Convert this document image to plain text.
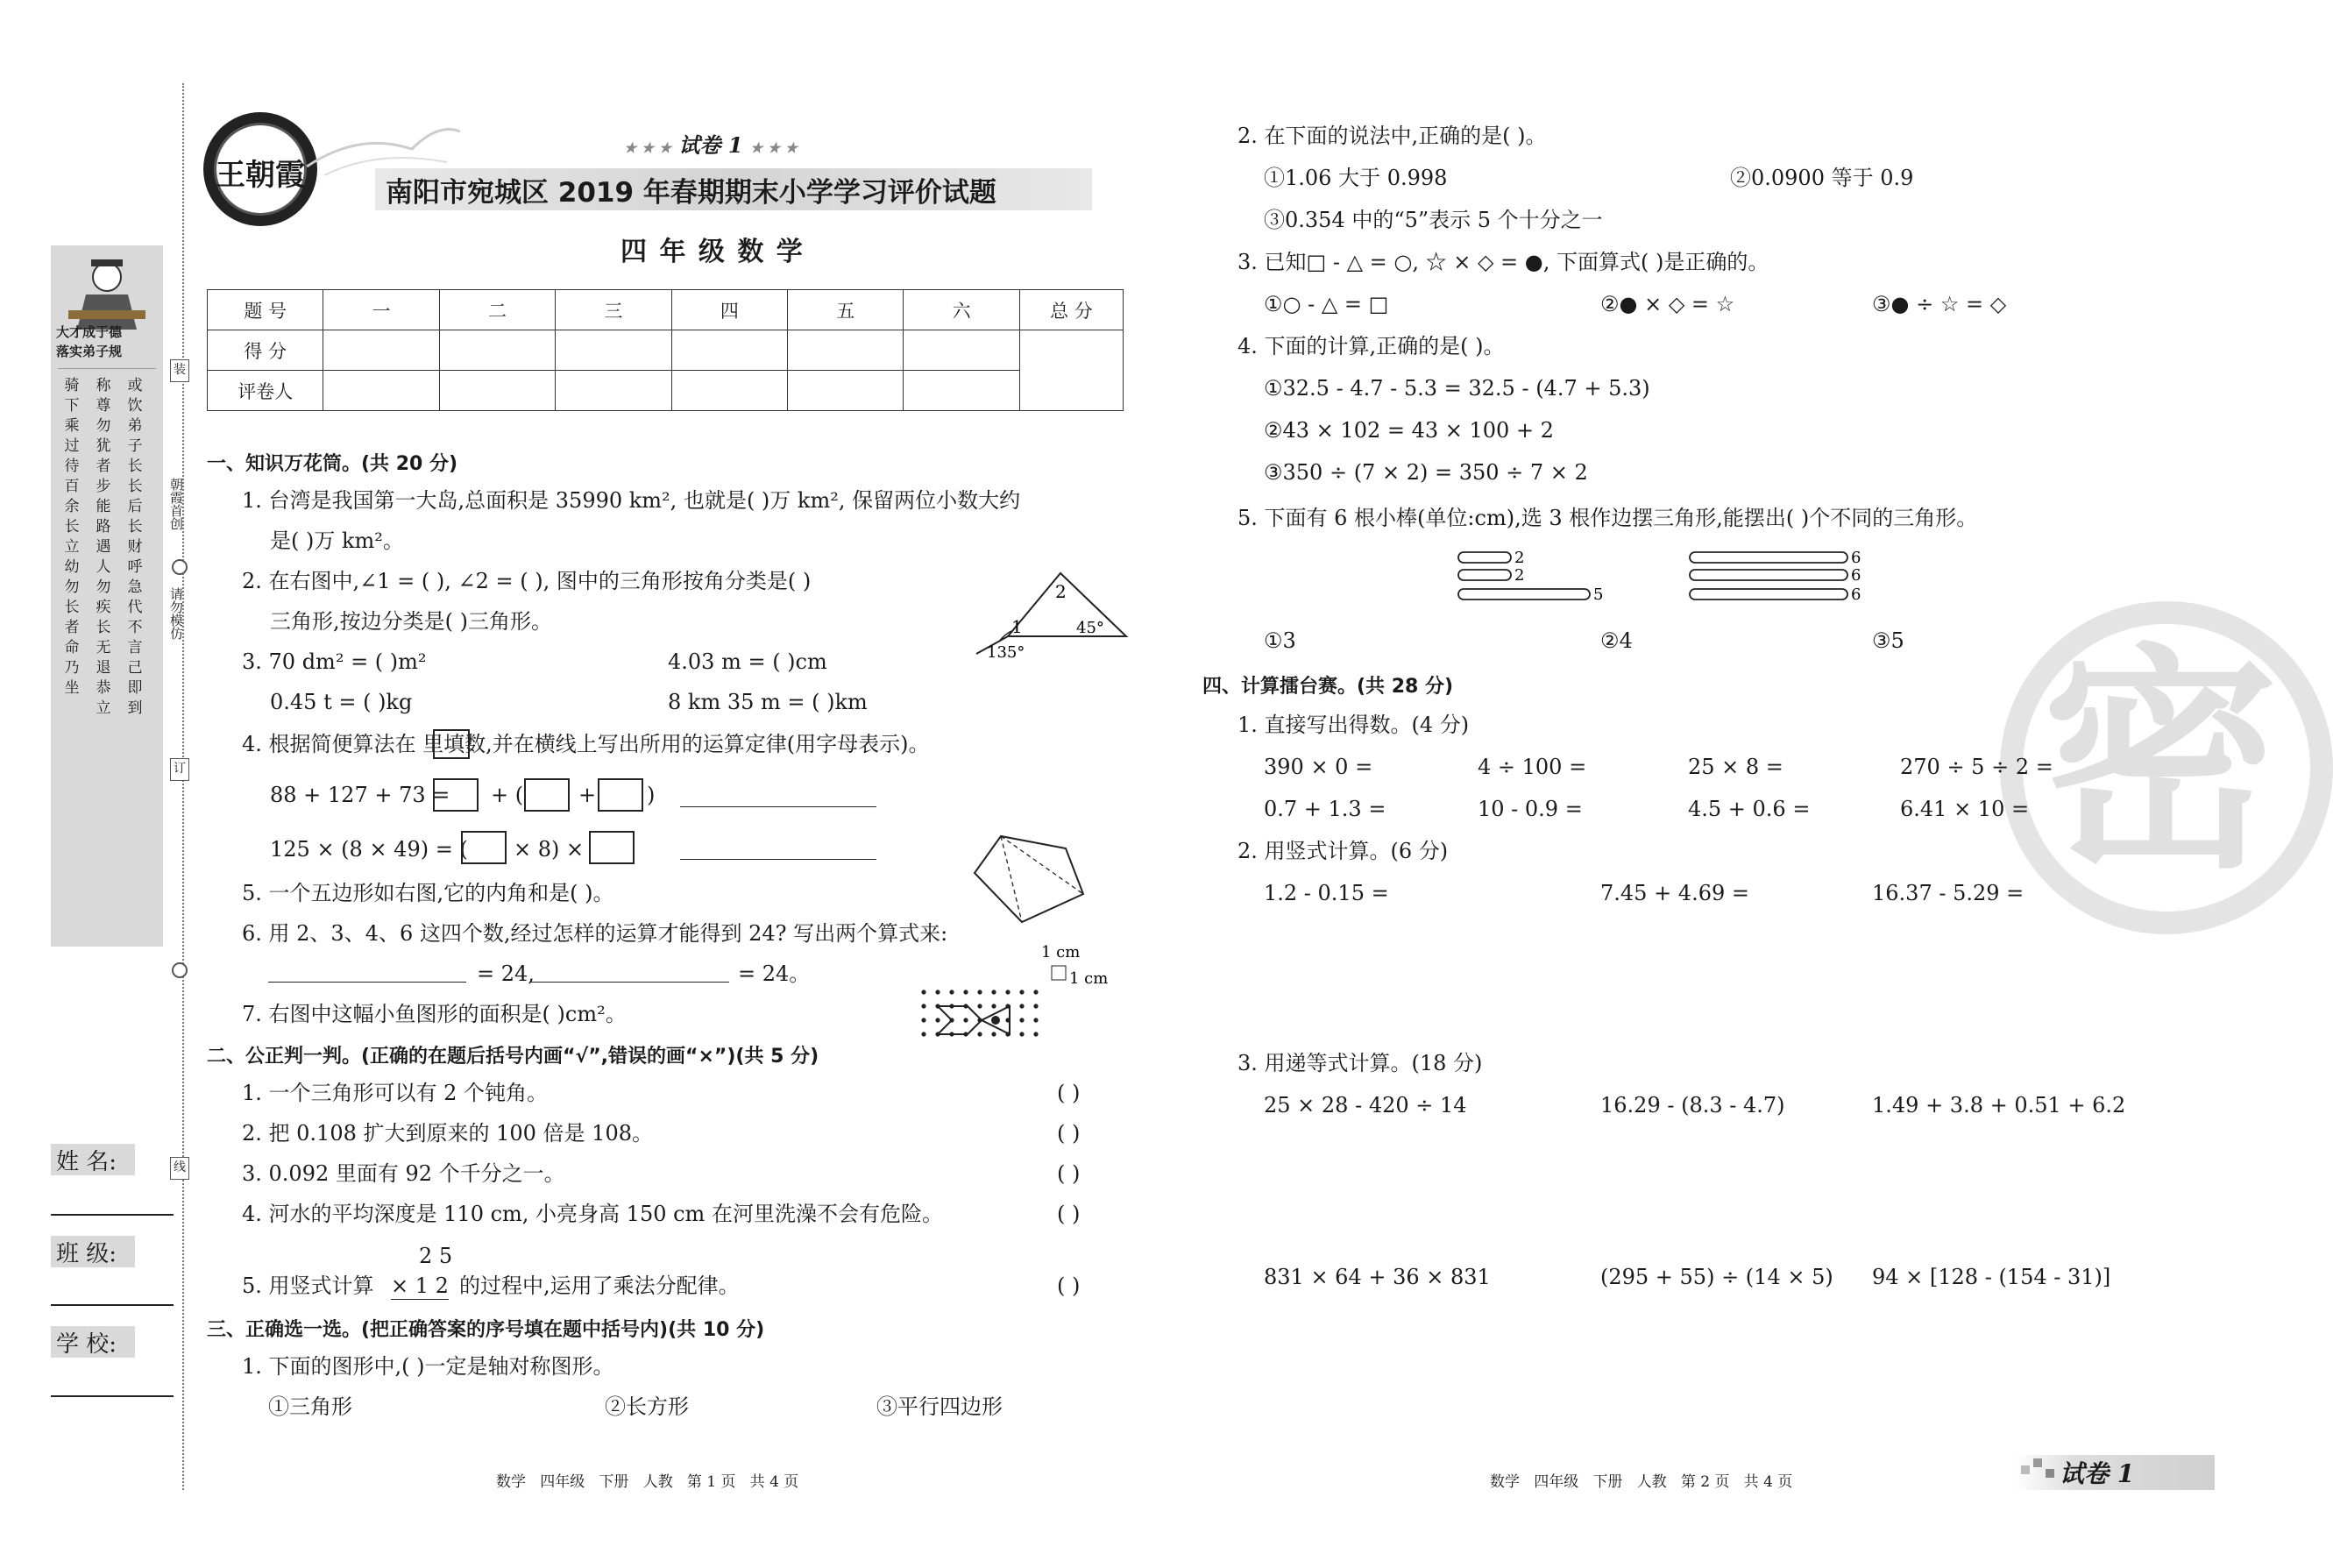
大才成于德
落实弟子规
骑下乘过待百余长立幼勿长者命乃坐
称尊勿犹者步能路遇人勿疾长无退恭立
或饮弟子长长后长财呼急代不言己即到
装
订
线
朝霞首创
请勿模仿
姓 名:
班 级:
学 校:
王朝霞
★ ★ ★ 试卷 1 ★ ★ ★
南阳市宛城区 2019 年春期期末小学学习评价试题
四 年 级 数 学
题 号	一	二	三	四	五	六	总 分
得 分							
评卷人							
一、知识万花筒。(共 20 分)
1. 台湾是我国第一大岛,总面积是 35990 km², 也就是( )万 km², 保留两位小数大约
是( )万 km²。
2. 在右图中,∠1 = ( ), ∠2 = ( ), 图中的三角形按角分类是( )
三角形,按边分类是( )三角形。
2
1	45°
135°
3. 70 dm² = ( )m²	4.03 m = ( )cm
0.45 t = ( )kg	8 km 35 m = ( )km
4. 根据简便算法在 里填数,并在横线上写出所用的运算定律(用字母表示)。
88 + 127 + 73 = + (	+ )
125 × (8 × 49) = ( × 8) ×
5. 一个五边形如右图,它的内角和是( )。
6. 用 2、3、4、6 这四个数,经过怎样的运算才能得到 24? 写出两个算式来:
= 24,	= 24。
7. 右图中这幅小鱼图形的面积是( )cm²。
1 cm
1 cm
二、公正判一判。(正确的在题后括号内画“√”,错误的画“×”)(共 5 分)
1. 一个三角形可以有 2 个钝角。	( )
2. 把 0.108 扩大到原来的 100 倍是 108。	( )
3. 0.092 里面有 92 个千分之一。	( )
4. 河水的平均深度是 110 cm, 小亮身高 150 cm 在河里洗澡不会有危险。	( )
2 5
5. 用竖式计算 × 1 2 的过程中,运用了乘法分配律。	( )
三、正确选一选。(把正确答案的序号填在题中括号内)(共 10 分)
1. 下面的图形中,( )一定是轴对称图形。
①三角形	②长方形	③平行四边形
数学   四年级   下册   人教   第 1 页   共 4 页
密
2. 在下面的说法中,正确的是( )。
①1.06 大于 0.998	②0.0900 等于 0.9
③0.354 中的“5”表示 5 个十分之一
3. 已知□ - △ = ○, ☆ × ◇ = ●, 下面算式( )是正确的。
①○ - △ = □	②● × ◇ = ☆	③● ÷ ☆ = ◇
4. 下面的计算,正确的是( )。
①32.5 - 4.7 - 5.3 = 32.5 - (4.7 + 5.3)
②43 × 102 = 43 × 100 + 2
③350 ÷ (7 × 2) = 350 ÷ 7 × 2
5. 下面有 6 根小棒(单位:cm),选 3 根作边摆三角形,能摆出( )个不同的三角形。
2
2
5
6
6
6
①3	②4	③5
四、计算擂台赛。(共 28 分)
1. 直接写出得数。(4 分)
390 × 0 =	4 ÷ 100 =	25 × 8 =	270 ÷ 5 ÷ 2 =
0.7 + 1.3 =	10 - 0.9 =	4.5 + 0.6 =	6.41 × 10 =
2. 用竖式计算。(6 分)
1.2 - 0.15 =	7.45 + 4.69 =	16.37 - 5.29 =
3. 用递等式计算。(18 分)
25 × 28 - 420 ÷ 14	16.29 - (8.3 - 4.7)	1.49 + 3.8 + 0.51 + 6.2
831 × 64 + 36 × 831	(295 + 55) ÷ (14 × 5) 94 × [128 - (154 - 31)]
数学   四年级   下册   人教   第 2 页   共 4 页	试卷 1
